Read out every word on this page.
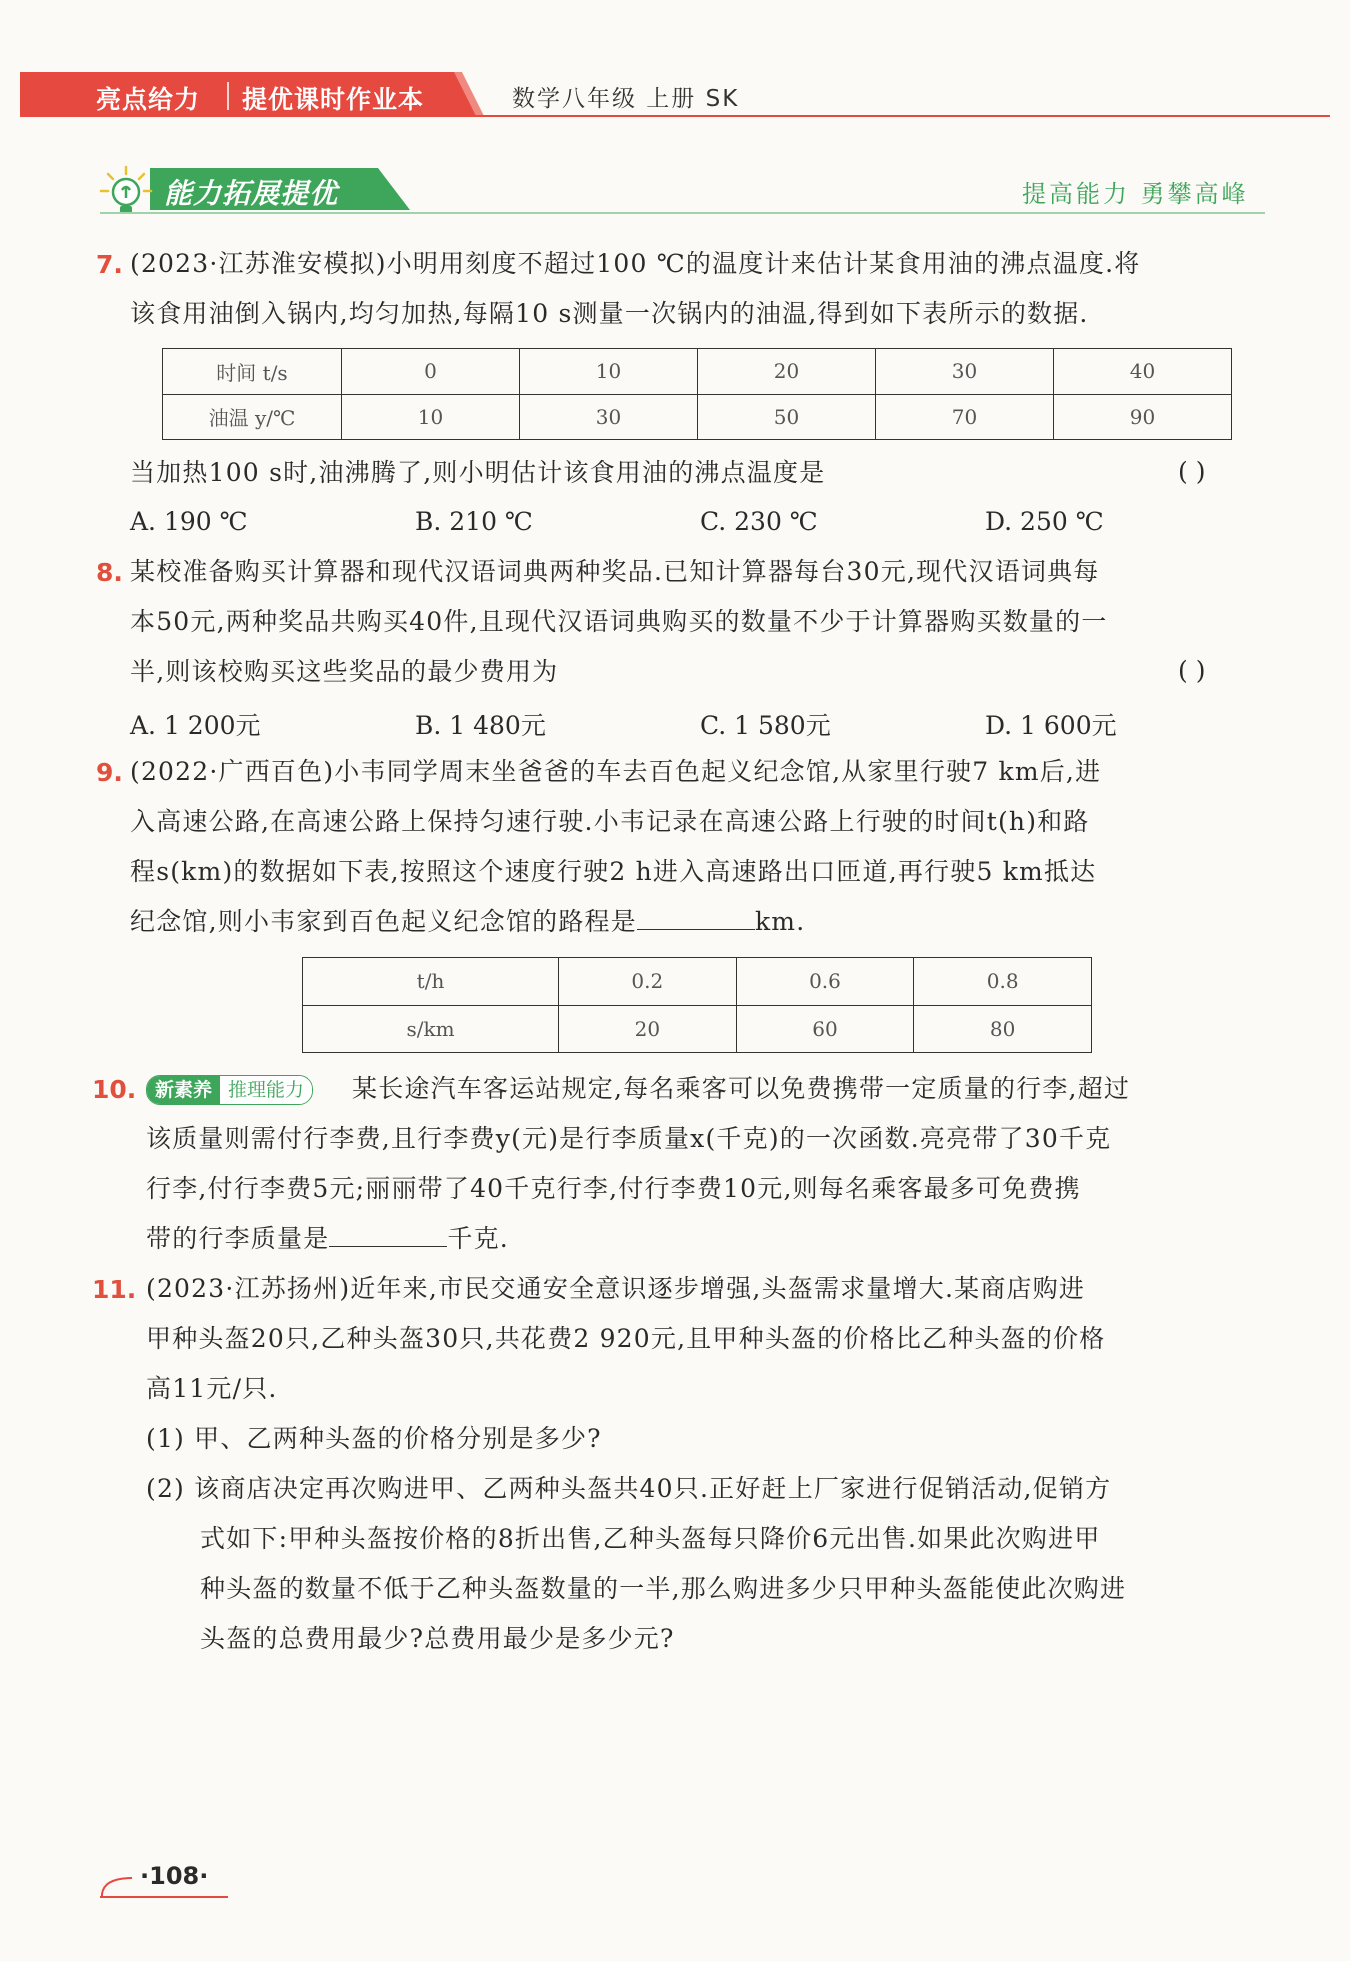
亮点给力 提优课时作业本	数学八年级 上册 SK
能力拓展提优	提高能力 勇攀高峰
7. (2023·江苏淮安模拟)小明用刻度不超过100 ℃的温度计来估计某食用油的沸点温度.将
该食用油倒入锅内,均匀加热,每隔10 s测量一次锅内的油温,得到如下表所示的数据.
时间 t/s	0	10	20	30	40
油温 y/℃	10	30	50	70	90
当加热100 s时,油沸腾了,则小明估计该食用油的沸点温度是	( )
A. 190 ℃	B. 210 ℃	C. 230 ℃	D. 250 ℃
8. 某校准备购买计算器和现代汉语词典两种奖品.已知计算器每台30元,现代汉语词典每
本50元,两种奖品共购买40件,且现代汉语词典购买的数量不少于计算器购买数量的一
半,则该校购买这些奖品的最少费用为	( )
A. 1 200元	B. 1 480元	C. 1 580元	D. 1 600元
9. (2022·广西百色)小韦同学周末坐爸爸的车去百色起义纪念馆,从家里行驶7 km后,进
入高速公路,在高速公路上保持匀速行驶.小韦记录在高速公路上行驶的时间t(h)和路
程s(km)的数据如下表,按照这个速度行驶2 h进入高速路出口匝道,再行驶5 km抵达
纪念馆,则小韦家到百色起义纪念馆的路程是	km.
t/h	0.2	0.6	0.8
s/km	20	60	80
10. 新素养 推理能力	某长途汽车客运站规定,每名乘客可以免费携带一定质量的行李,超过
该质量则需付行李费,且行李费y(元)是行李质量x(千克)的一次函数.亮亮带了30千克
行李,付行李费5元;丽丽带了40千克行李,付行李费10元,则每名乘客最多可免费携
带的行李质量是	千克.
11. (2023·江苏扬州)近年来,市民交通安全意识逐步增强,头盔需求量增大.某商店购进
甲种头盔20只,乙种头盔30只,共花费2 920元,且甲种头盔的价格比乙种头盔的价格
高11元/只.
(1) 甲、乙两种头盔的价格分别是多少?
(2) 该商店决定再次购进甲、乙两种头盔共40只.正好赶上厂家进行促销活动,促销方
式如下:甲种头盔按价格的8折出售,乙种头盔每只降价6元出售.如果此次购进甲
种头盔的数量不低于乙种头盔数量的一半,那么购进多少只甲种头盔能使此次购进
头盔的总费用最少?总费用最少是多少元?
·108·
